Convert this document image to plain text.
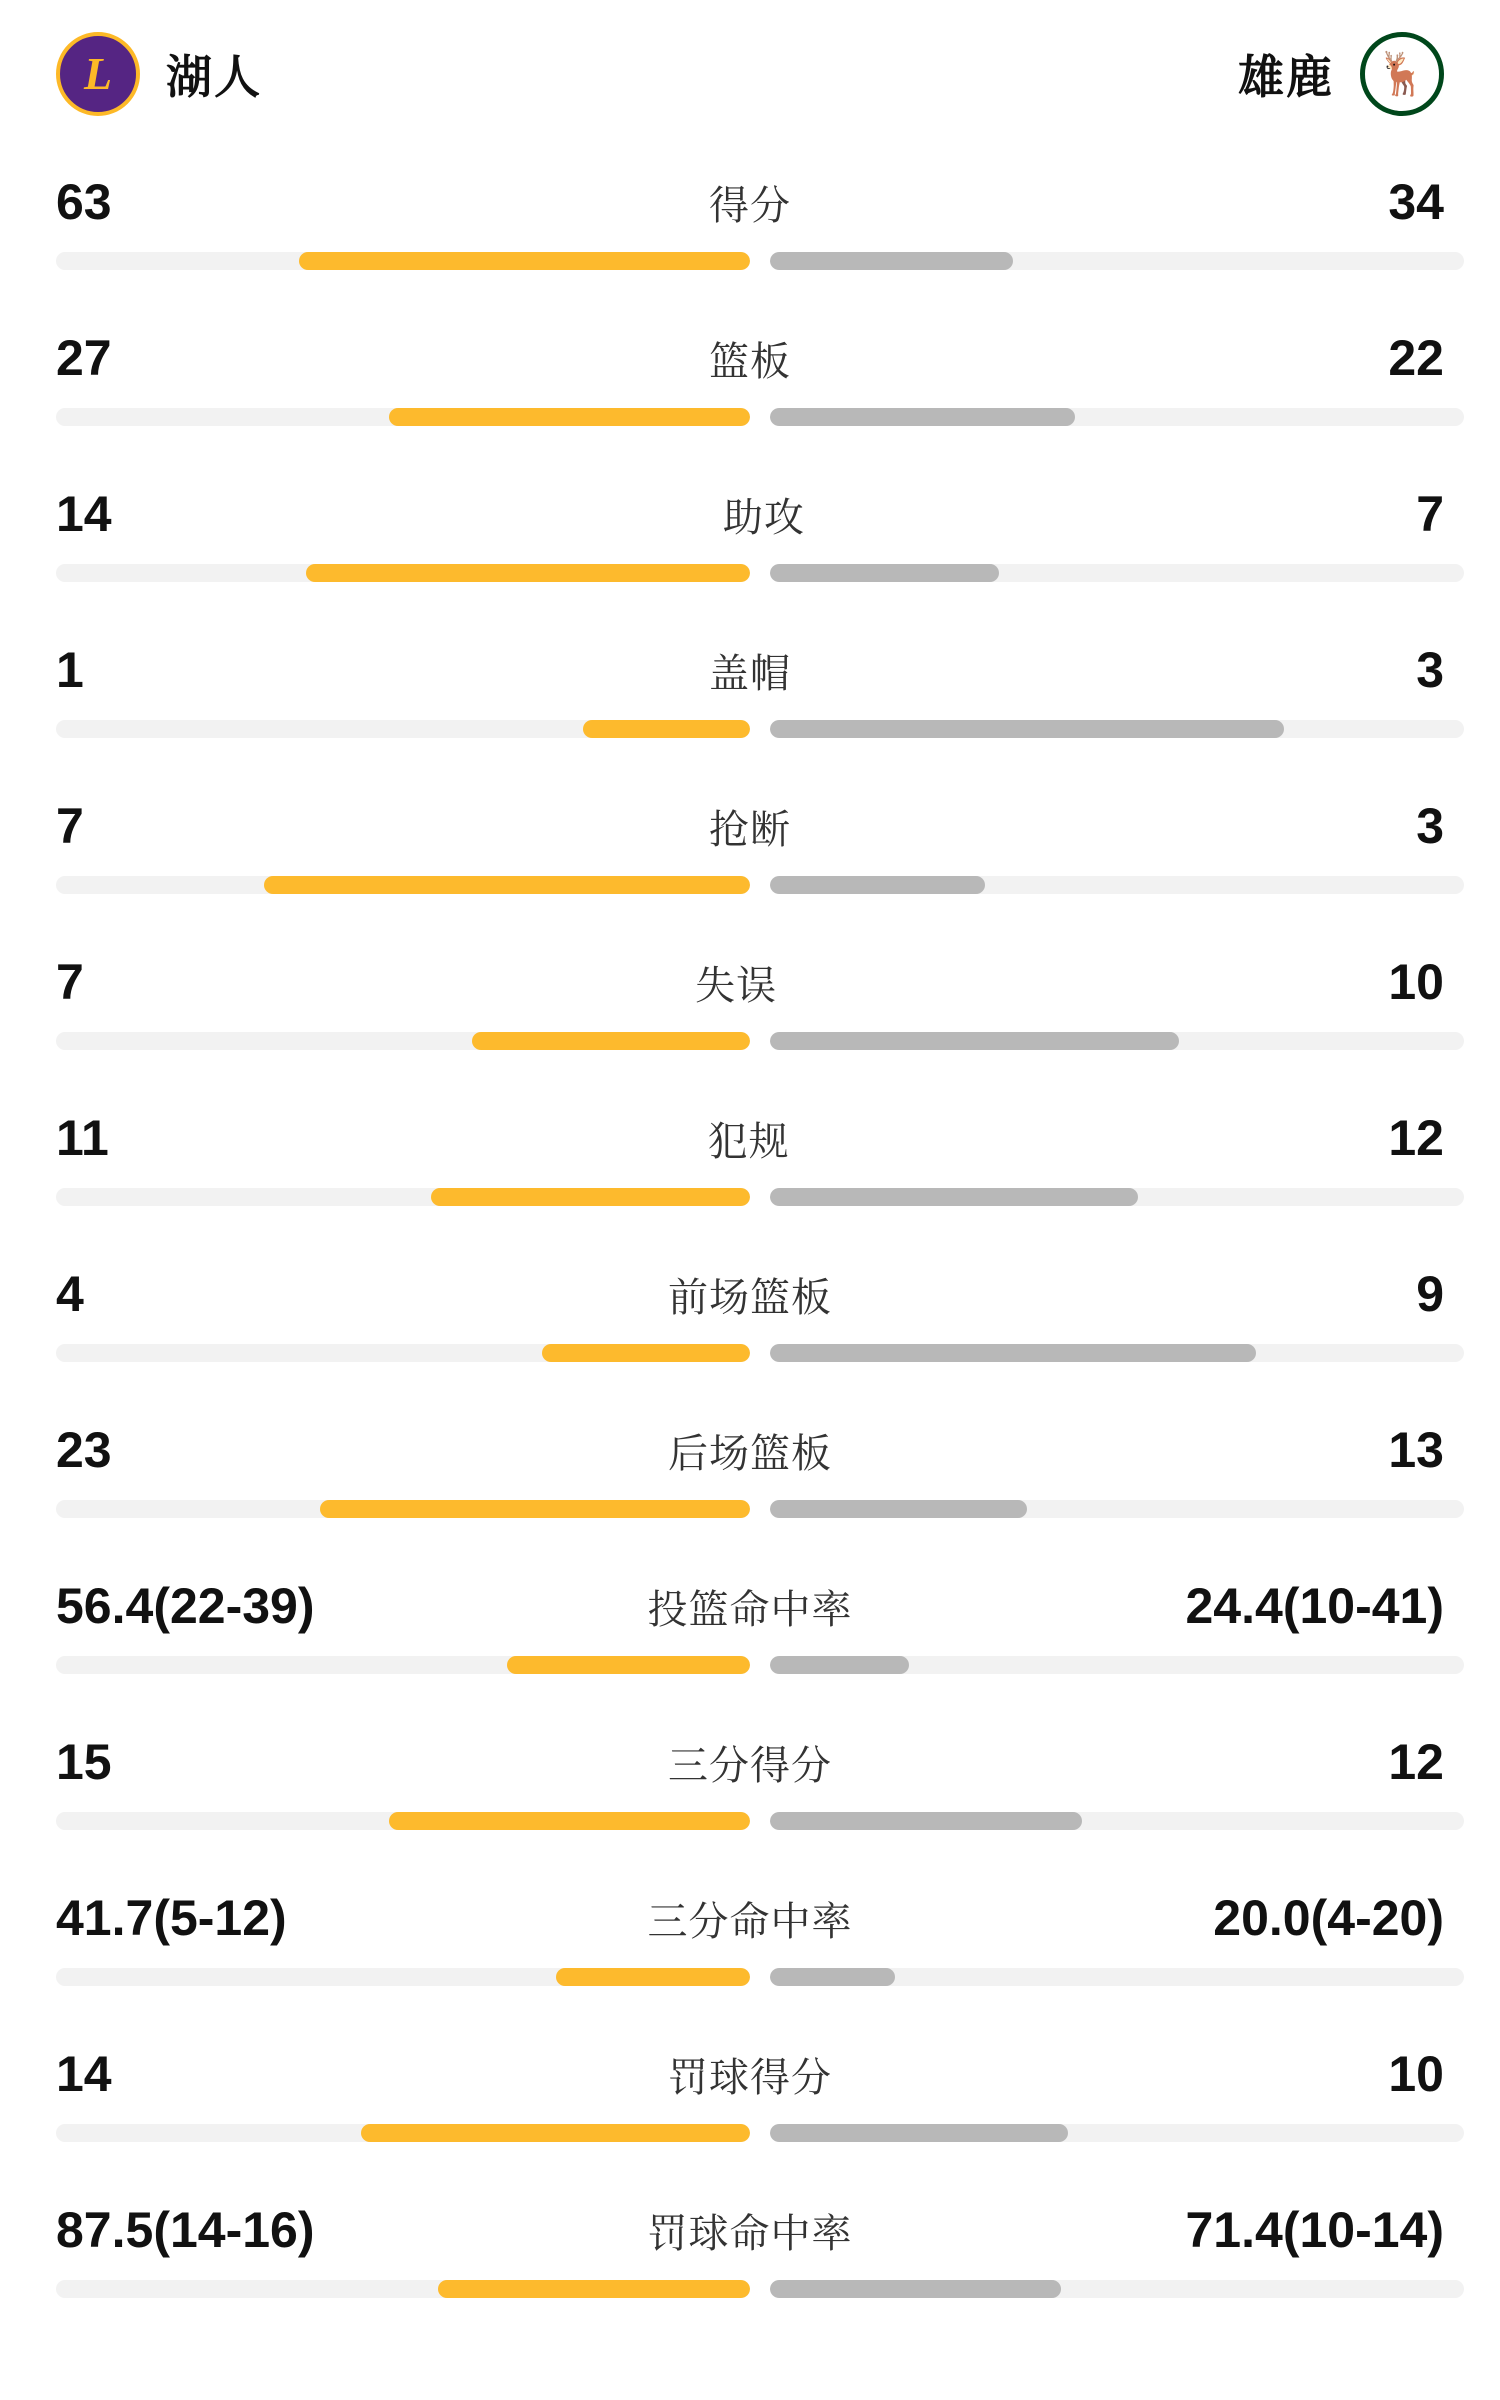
L 湖人	雄鹿 🦌
63	得分	34
27	篮板	22
14	助攻	7
1	盖帽	3
7	抢断	3
7	失误	10
11	犯规	12
4	前场篮板	9
23	后场篮板	13
56.4(22-39)	投篮命中率	24.4(10-41)
15	三分得分	12
41.7(5-12)	三分命中率	20.0(4-20)
14	罚球得分	10
87.5(14-16)	罚球命中率	71.4(10-14)
